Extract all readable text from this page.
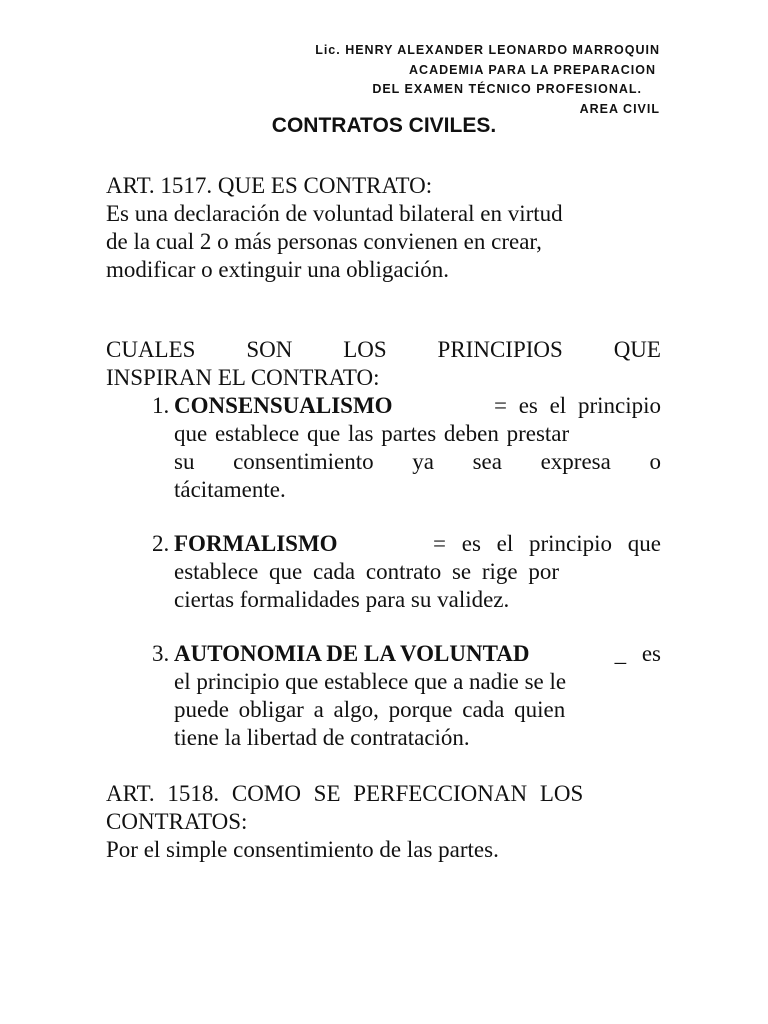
Lic. HENRY ALEXANDER LEONARDO MARROQUIN
ACADEMIA PARA LA PREPARACION
DEL EXAMEN TÉCNICO PROFESIONAL.
AREA CIVIL
CONTRATOS CIVILES.
ART. 1517. QUE ES CONTRATO:
Es una declaración de voluntad bilateral en virtud
de la cual 2 o más personas convienen en crear,
modificar o extinguir una obligación.
CUALES SON LOS PRINCIPIOS QUE
INSPIRAN EL CONTRATO:
1. CONSENSUALISMO	= es el principio
que establece que las partes deben prestar
su consentimiento ya sea expresa o
tácitamente.
2. FORMALISMO	= es el principio que
establece que cada contrato se rige por
ciertas formalidades para su validez.
3. AUTONOMIA DE LA VOLUNTAD	_ es
el principio que establece que a nadie se le
puede obligar a algo, porque cada quien
tiene la libertad de contratación.
ART. 1518. COMO SE PERFECCIONAN LOS
CONTRATOS:
Por el simple consentimiento de las partes.
